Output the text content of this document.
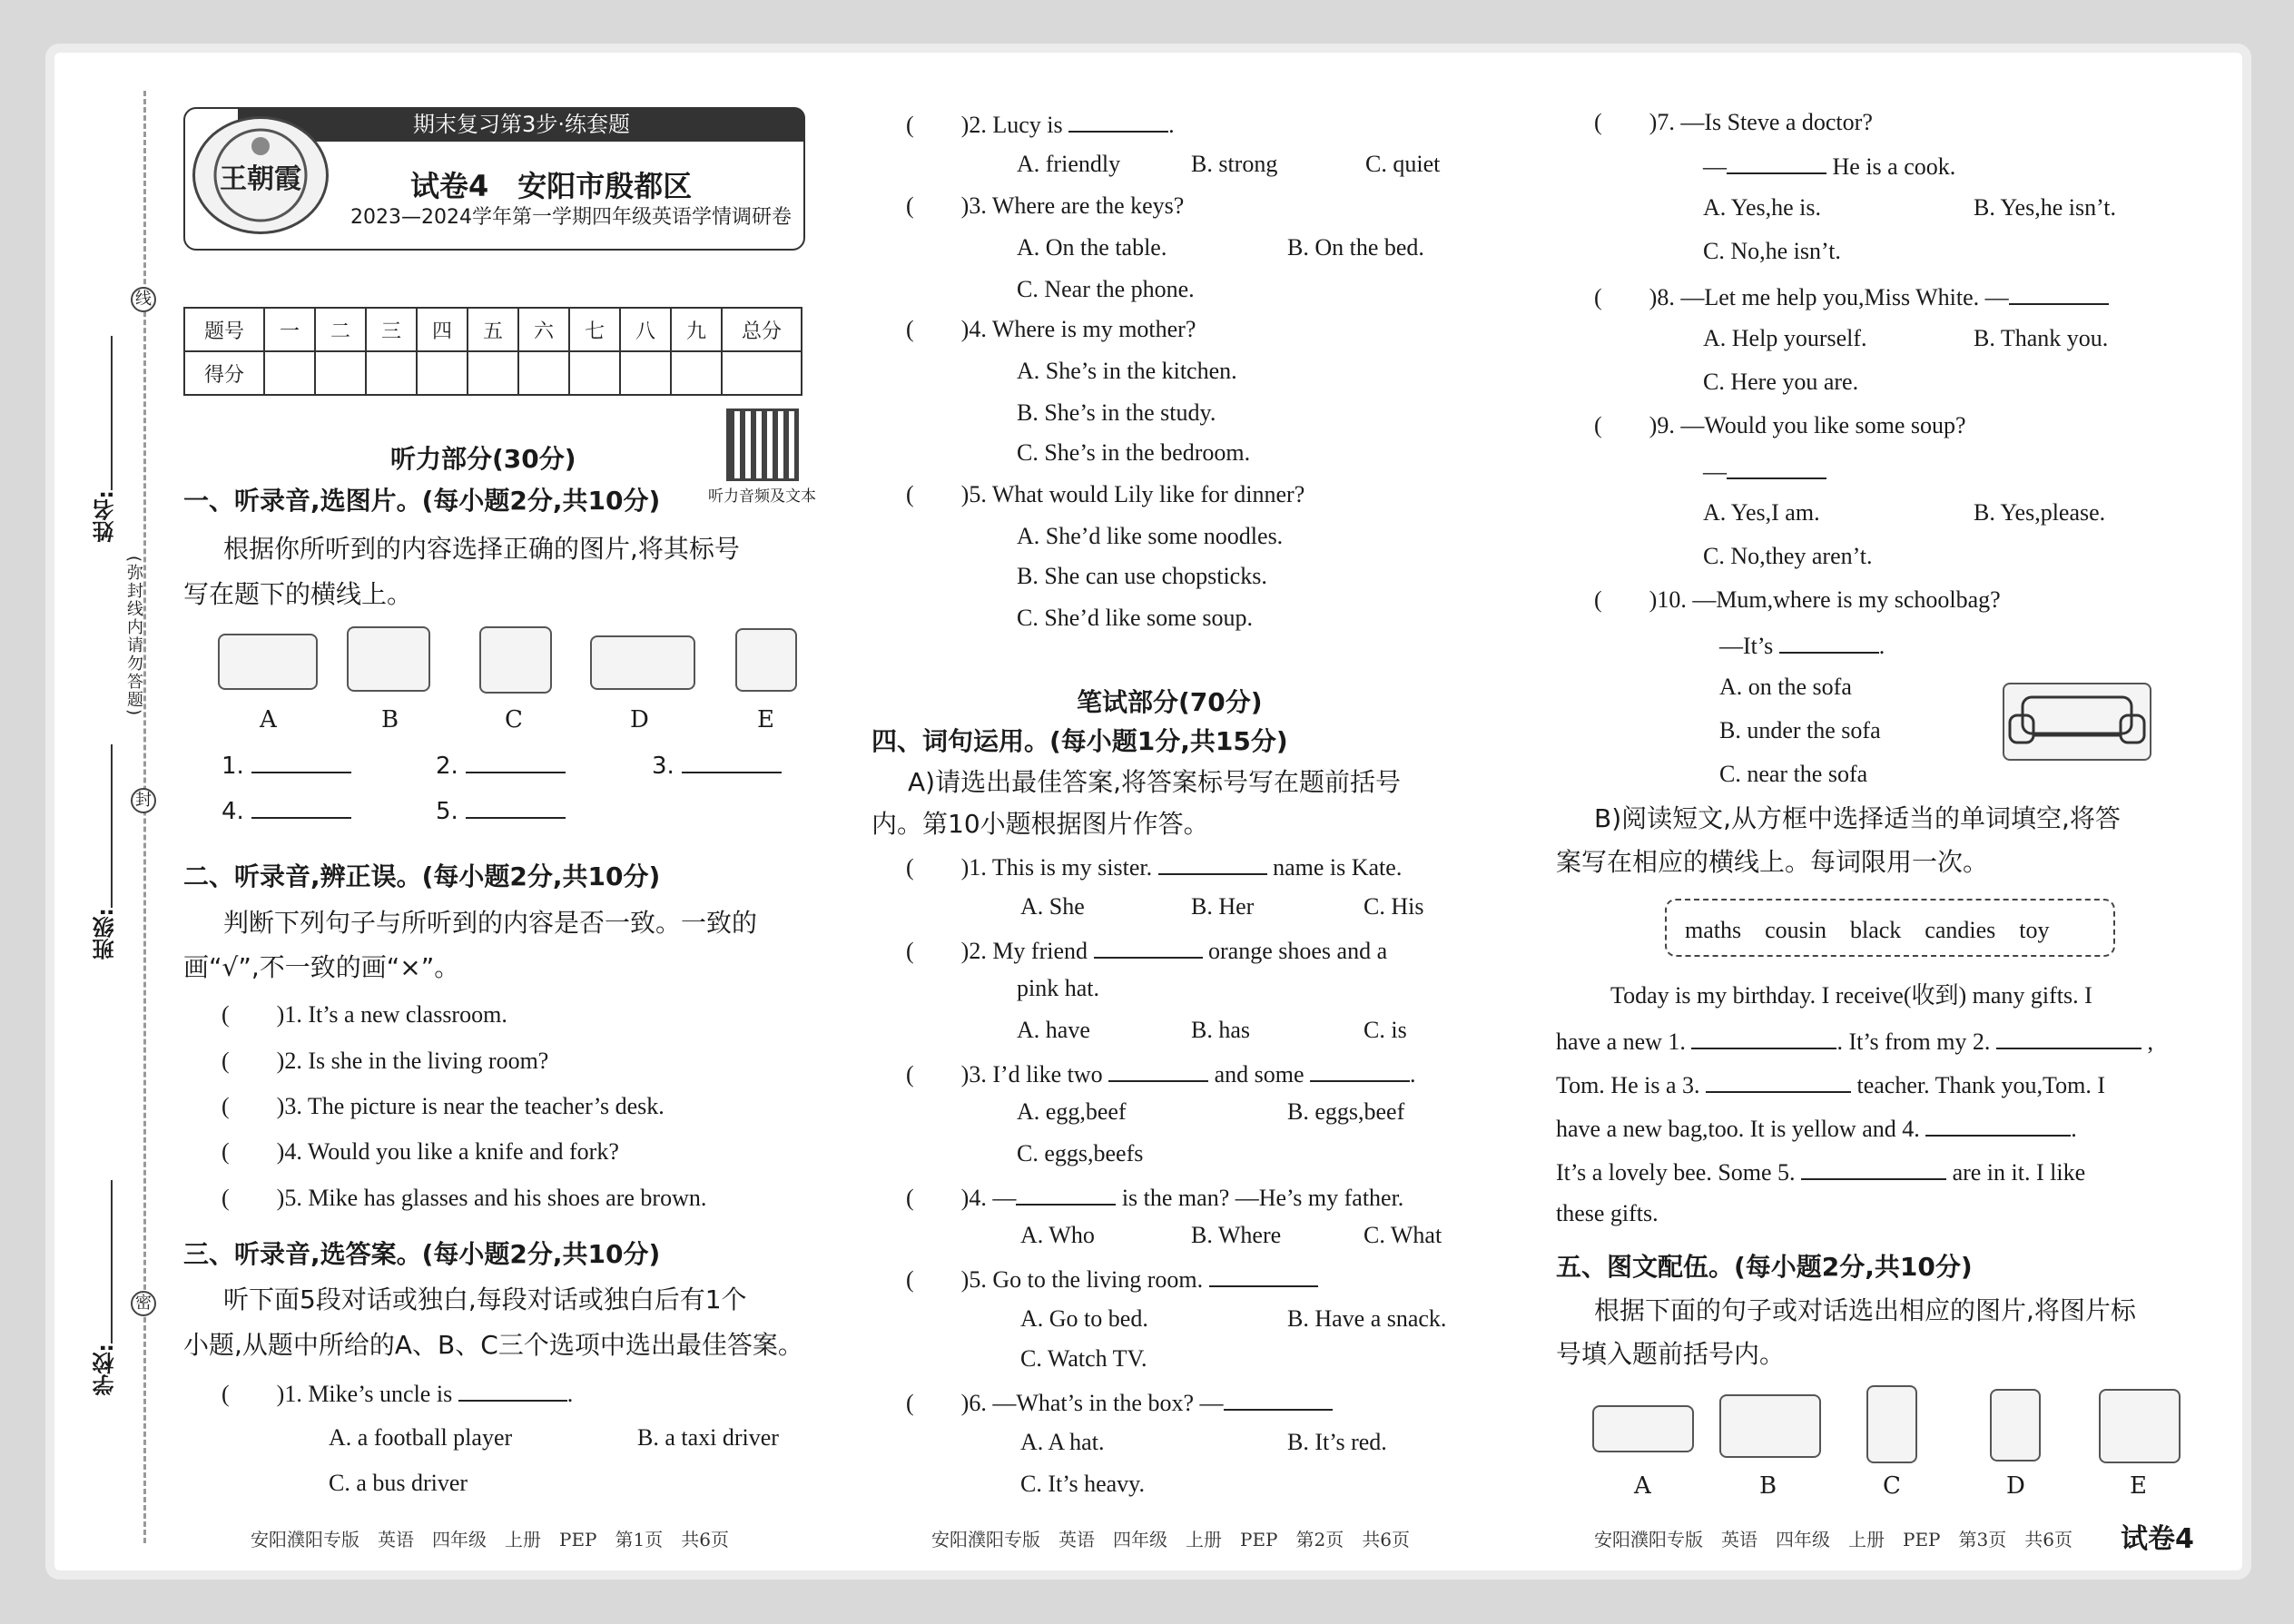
线
封
密
姓名:
班级:
学校:
(弥封线内请勿答题)
期末复习第3步·练套题
王朝霞	试卷4　安阳市殷都区
2023—2024学年第一学期四年级英语学情调研卷
题号	一	二	三	四	五	六	七	八	九	总分
得分										
听力部分(30分)
听力音频及文本
一、听录音,选图片。(每小题2分,共10分)
根据你所听到的内容选择正确的图片,将其标号
写在题下的横线上。
A	B	C	D	E
1.	2.	3.
4.	5.
二、听录音,辨正误。(每小题2分,共10分)
判断下列句子与所听到的内容是否一致。一致的
画“√”,不一致的画“×”。
(　　)1. It’s a new classroom.
(　　)2. Is she in the living room?
(　　)3. The picture is near the teacher’s desk.
(　　)4. Would you like a knife and fork?
(　　)5. Mike has glasses and his shoes are brown.
三、听录音,选答案。(每小题2分,共10分)
听下面5段对话或独白,每段对话或独白后有1个
小题,从题中所给的A、B、C三个选项中选出最佳答案。
(　　)1. Mike’s uncle is	.
A. a football player	B. a taxi driver
C. a bus driver
(　　)2. Lucy is	.
A. friendly	B. strong	C. quiet
(　　)3. Where are the keys?
A. On the table.	B. On the bed.
C. Near the phone.
(　　)4. Where is my mother?
A. She’s in the kitchen.
B. She’s in the study.
C. She’s in the bedroom.
(　　)5. What would Lily like for dinner?
A. She’d like some noodles.
B. She can use chopsticks.
C. She’d like some soup.
笔试部分(70分)
四、词句运用。(每小题1分,共15分)
A)请选出最佳答案,将答案标号写在题前括号
内。第10小题根据图片作答。
(　　)1. This is my sister.	name is Kate.
A. She	B. Her	C. His
(　　)2. My friend	orange shoes and a
pink hat.
A. have	B. has	C. is
(　　)3. I’d like two	and some	.
A. egg,beef	B. eggs,beef
C. eggs,beefs
(　　)4. —	is the man? —He’s my father.
A. Who	B. Where	C. What
(　　)5. Go to the living room.
A. Go to bed.	B. Have a snack.
C. Watch TV.
(　　)6. —What’s in the box? —
A. A hat.	B. It’s red.
C. It’s heavy.
(　　)7. —Is Steve a doctor?
—	He is a cook.
A. Yes,he is.	B. Yes,he isn’t.
C. No,he isn’t.
(　　)8. —Let me help you,Miss White. —
A. Help yourself.	B. Thank you.
C. Here you are.
(　　)9. —Would you like some soup?
—
A. Yes,I am.	B. Yes,please.
C. No,they aren’t.
(　　)10. —Mum,where is my schoolbag?
—It’s	.
A. on the sofa
B. under the sofa
C. near the sofa
B)阅读短文,从方框中选择适当的单词填空,将答
案写在相应的横线上。每词限用一次。
maths　cousin　black　candies　toy
Today is my birthday. I receive(收到) many gifts. I
have a new 1.	. It’s from my 2.	,
Tom. He is a 3.	teacher. Thank you,Tom. I
have a new bag,too. It is yellow and 4.	.
It’s a lovely bee. Some 5.	are in it. I like
these gifts.
五、图文配伍。(每小题2分,共10分)
根据下面的句子或对话选出相应的图片,将图片标
号填入题前括号内。
A	B	C	D	E
安阳濮阳专版　英语　四年级　上册　PEP　第1页　共6页	安阳濮阳专版　英语　四年级　上册　PEP　第2页　共6页	安阳濮阳专版　英语　四年级　上册　PEP　第3页　共6页 试卷4
